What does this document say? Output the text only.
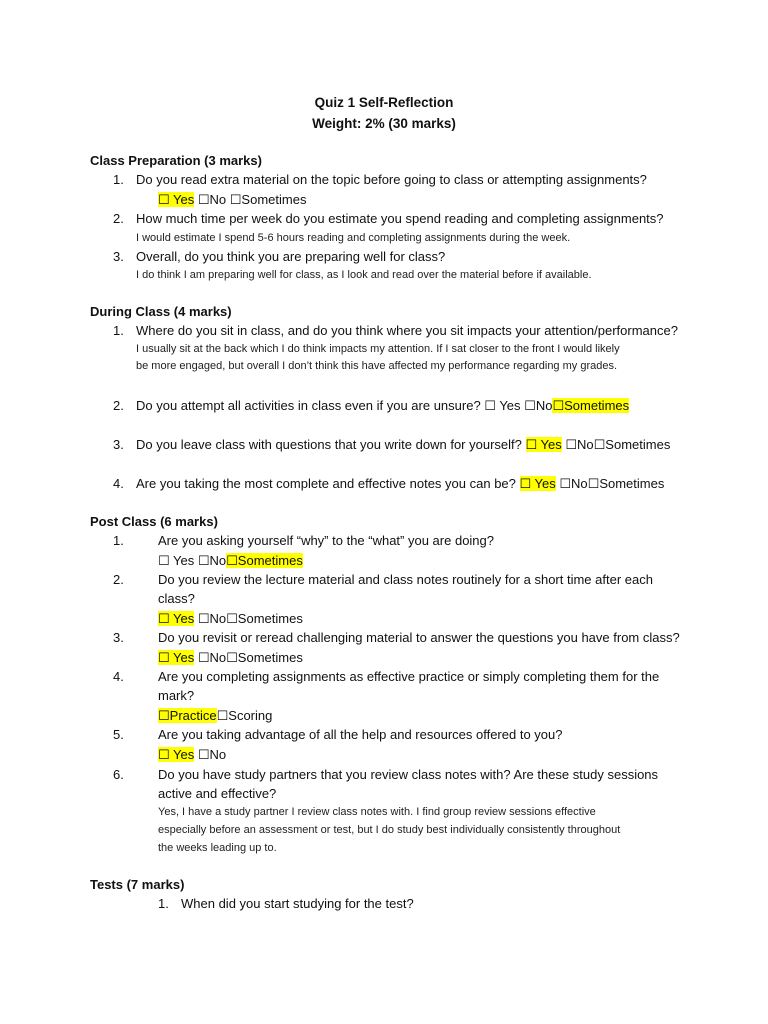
Quiz 1 Self-Reflection
Weight: 2% (30 marks)
Class Preparation (3 marks)
1. Do you read extra material on the topic before going to class or attempting assignments?
☐ Yes ☐No ☐Sometimes
2. How much time per week do you estimate you spend reading and completing assignments?
I would estimate I spend 5-6 hours reading and completing assignments during the week.
3. Overall, do you think you are preparing well for class?
I do think I am preparing well for class, as I look and read over the material before if available.
During Class (4 marks)
1. Where do you sit in class, and do you think where you sit impacts your attention/performance?
I usually sit at the back which I do think impacts my attention. If I sat closer to the front I would likely
be more engaged, but overall I don’t think this have affected my performance regarding my grades.
2. Do you attempt all activities in class even if you are unsure? ☐ Yes ☐No☐Sometimes
3. Do you leave class with questions that you write down for yourself? ☐ Yes ☐No☐Sometimes
4. Are you taking the most complete and effective notes you can be? ☐ Yes ☐No☐Sometimes
Post Class (6 marks)
1.	Are you asking yourself “why” to the “what” you are doing?
☐ Yes ☐No☐Sometimes
2.	Do you review the lecture material and class notes routinely for a short time after each
class?
☐ Yes ☐No☐Sometimes
3.	Do you revisit or reread challenging material to answer the questions you have from class?
☐ Yes ☐No☐Sometimes
4.	Are you completing assignments as effective practice or simply completing them for the
mark?
☐Practice☐Scoring
5.	Are you taking advantage of all the help and resources offered to you?
☐ Yes ☐No
6.	Do you have study partners that you review class notes with? Are these study sessions
active and effective?
Yes, I have a study partner I review class notes with. I find group review sessions effective
especially before an assessment or test, but I do study best individually consistently throughout
the weeks leading up to.
Tests (7 marks)
1. When did you start studying for the test?
